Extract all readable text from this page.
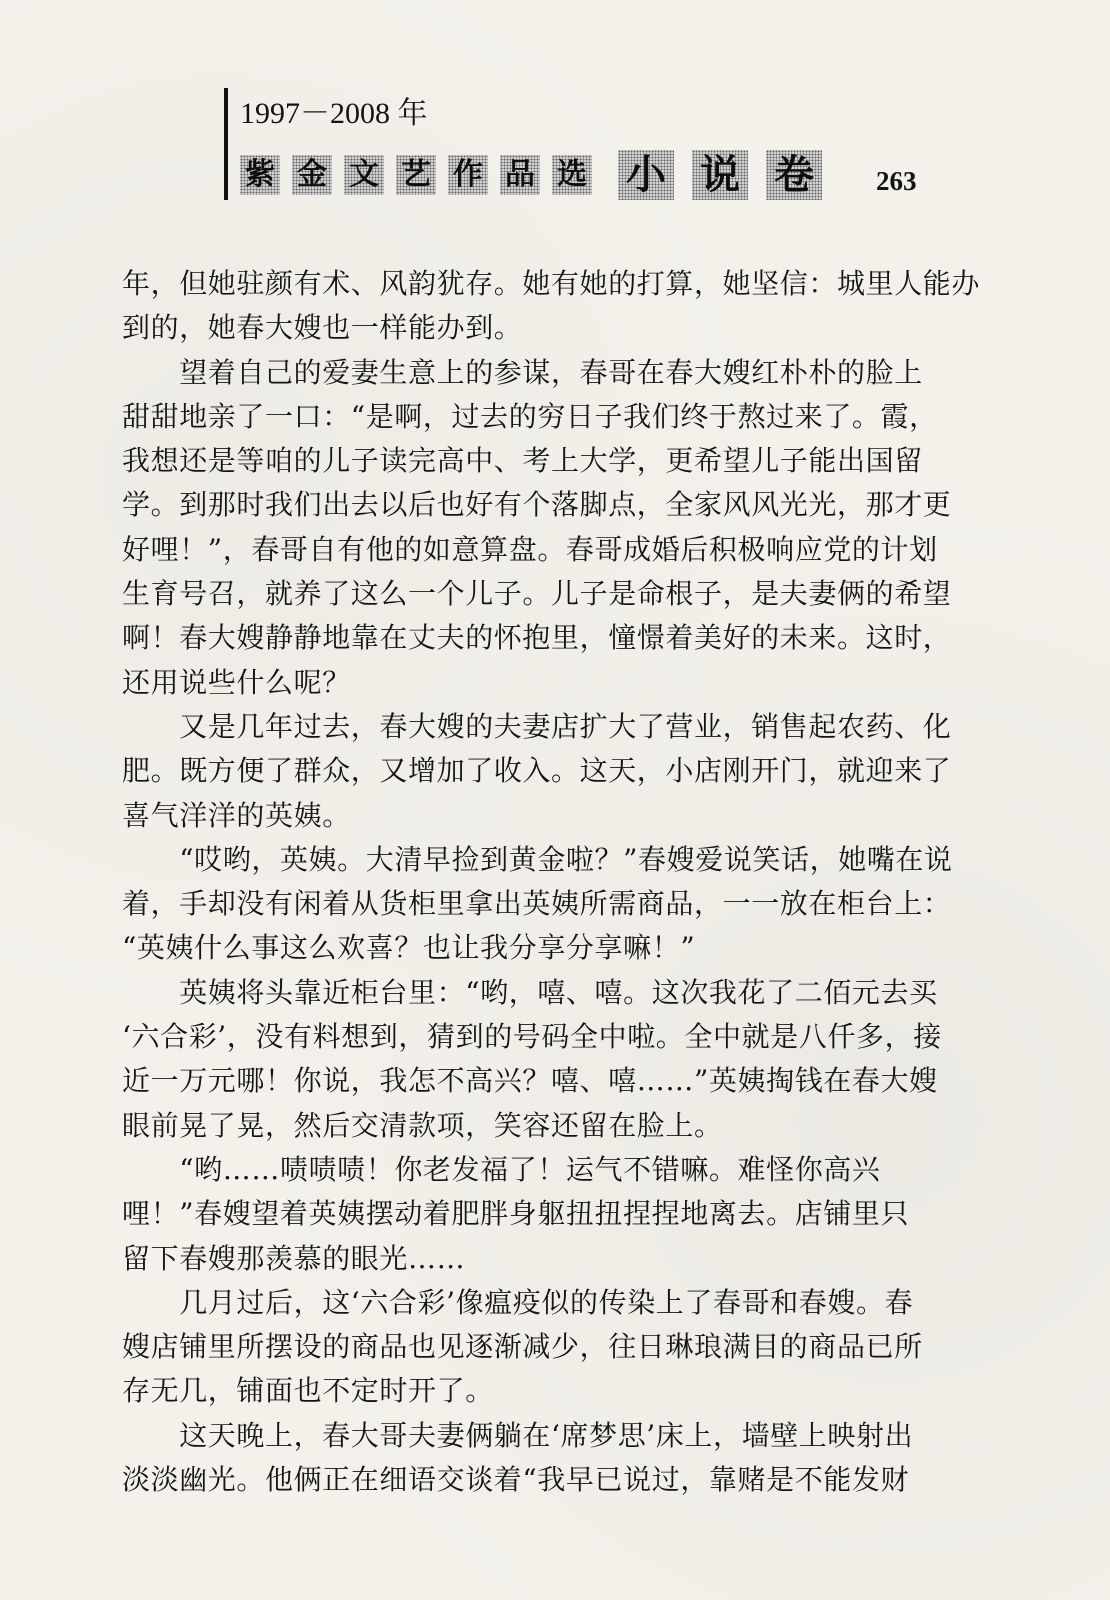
1997－2008 年
紫 金 文 艺 作 品 选 小 说 卷 263
年，但她驻颜有术、风韵犹存。她有她的打算，她坚信：城里人能办
到的，她春大嫂也一样能办到。
　　望着自己的爱妻生意上的参谋，春哥在春大嫂红朴朴的脸上
甜甜地亲了一口：“是啊，过去的穷日子我们终于熬过来了。霞，
我想还是等咱的儿子读完高中、考上大学，更希望儿子能出国留
学。到那时我们出去以后也好有个落脚点，全家风风光光，那才更
好哩！”，春哥自有他的如意算盘。春哥成婚后积极响应党的计划
生育号召，就养了这么一个儿子。儿子是命根子，是夫妻俩的希望
啊！春大嫂静静地靠在丈夫的怀抱里，憧憬着美好的未来。这时，
还用说些什么呢？
　　又是几年过去，春大嫂的夫妻店扩大了营业，销售起农药、化
肥。既方便了群众，又增加了收入。这天，小店刚开门，就迎来了
喜气洋洋的英姨。
　　“哎哟，英姨。大清早捡到黄金啦？”春嫂爱说笑话，她嘴在说
着，手却没有闲着从货柜里拿出英姨所需商品，一一放在柜台上：
“英姨什么事这么欢喜？也让我分享分享嘛！”
　　英姨将头靠近柜台里：“哟，嘻、嘻。这次我花了二佰元去买
‘六合彩’，没有料想到，猜到的号码全中啦。全中就是八仟多，接
近一万元哪！你说，我怎不高兴？嘻、嘻……”英姨掏钱在春大嫂
眼前晃了晃，然后交清款项，笑容还留在脸上。
　　“哟……啧啧啧！你老发福了！运气不错嘛。难怪你高兴
哩！”春嫂望着英姨摆动着肥胖身躯扭扭捏捏地离去。店铺里只
留下春嫂那羡慕的眼光……
　　几月过后，这‘六合彩’像瘟疫似的传染上了春哥和春嫂。春
嫂店铺里所摆设的商品也见逐渐减少，往日琳琅满目的商品已所
存无几，铺面也不定时开了。
　　这天晚上，春大哥夫妻俩躺在‘席梦思’床上，墙壁上映射出
淡淡幽光。他俩正在细语交谈着“我早已说过，靠赌是不能发财
